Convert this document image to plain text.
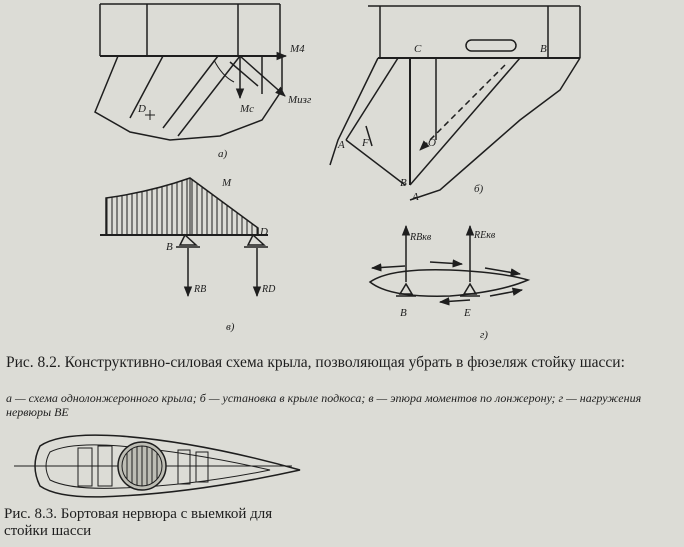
M4
Mc
Mизг
D
а)
C	B
A F	O
B
A
б)
M
B
D
RB	RD
в)
RBкв	REкв
B	E
г)

Рис. 8.2. Конструктивно-силовая схема крыла, позволяющая убрать в фюзеляж стойку шасси:

а — схема однолонжеронного крыла; б — установка в крыле подкоса; в — эпюра моментов по лонжерону; г — нагружения нервюры BE

Рис. 8.3. Бортовая нервюра с выемкой для стойки шасси
